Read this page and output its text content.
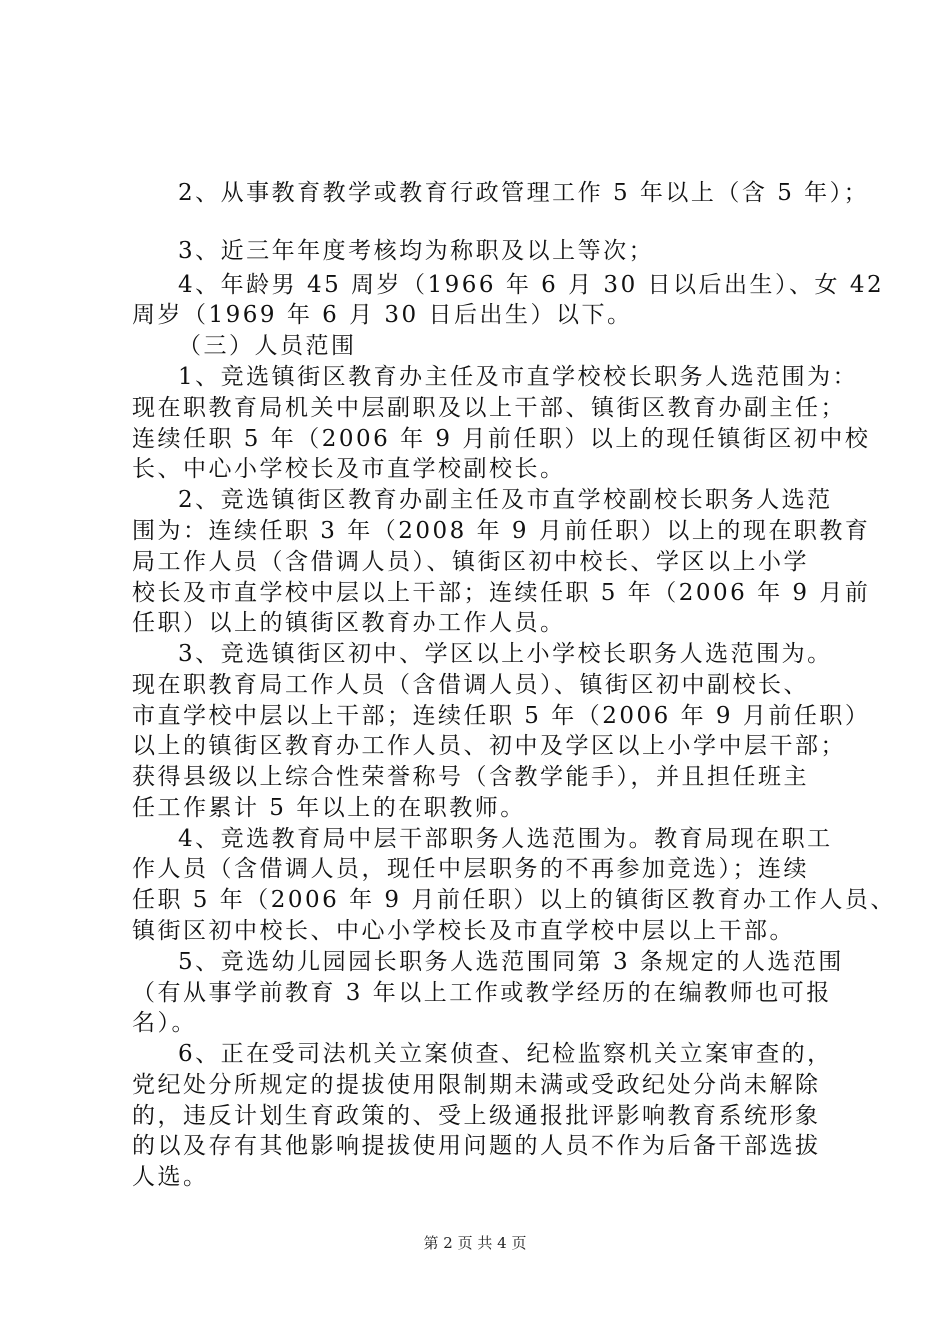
2、从事教育教学或教育行政管理工作 5 年以上（含 5 年）；
3、近三年年度考核均为称职及以上等次；
4、年龄男 45 周岁（1966 年 6 月 30 日以后出生）、女 42
周岁（1969 年 6 月 30 日后出生）以下。
（三）人员范围
1、竞选镇街区教育办主任及市直学校校长职务人选范围为：
现在职教育局机关中层副职及以上干部、镇街区教育办副主任；
连续任职 5 年（2006 年 9 月前任职）以上的现任镇街区初中校
长、中心小学校长及市直学校副校长。
2、竞选镇街区教育办副主任及市直学校副校长职务人选范
围为：连续任职 3 年（2008 年 9 月前任职）以上的现在职教育
局工作人员（含借调人员）、镇街区初中校长、学区以上小学
校长及市直学校中层以上干部；连续任职 5 年（2006 年 9 月前
任职）以上的镇街区教育办工作人员。
3、竞选镇街区初中、学区以上小学校长职务人选范围为。
现在职教育局工作人员（含借调人员）、镇街区初中副校长、
市直学校中层以上干部；连续任职 5 年（2006 年 9 月前任职）
以上的镇街区教育办工作人员、初中及学区以上小学中层干部；
获得县级以上综合性荣誉称号（含教学能手），并且担任班主
任工作累计 5 年以上的在职教师。
4、竞选教育局中层干部职务人选范围为。教育局现在职工
作人员（含借调人员，现任中层职务的不再参加竞选）；连续
任职 5 年（2006 年 9 月前任职）以上的镇街区教育办工作人员、
镇街区初中校长、中心小学校长及市直学校中层以上干部。
5、竞选幼儿园园长职务人选范围同第 3 条规定的人选范围
（有从事学前教育 3 年以上工作或教学经历的在编教师也可报
名）。
6、正在受司法机关立案侦查、纪检监察机关立案审查的，
党纪处分所规定的提拔使用限制期未满或受政纪处分尚未解除
的，违反计划生育政策的、受上级通报批评影响教育系统形象
的以及存有其他影响提拔使用问题的人员不作为后备干部选拔
人选。
第 2 页 共 4 页
